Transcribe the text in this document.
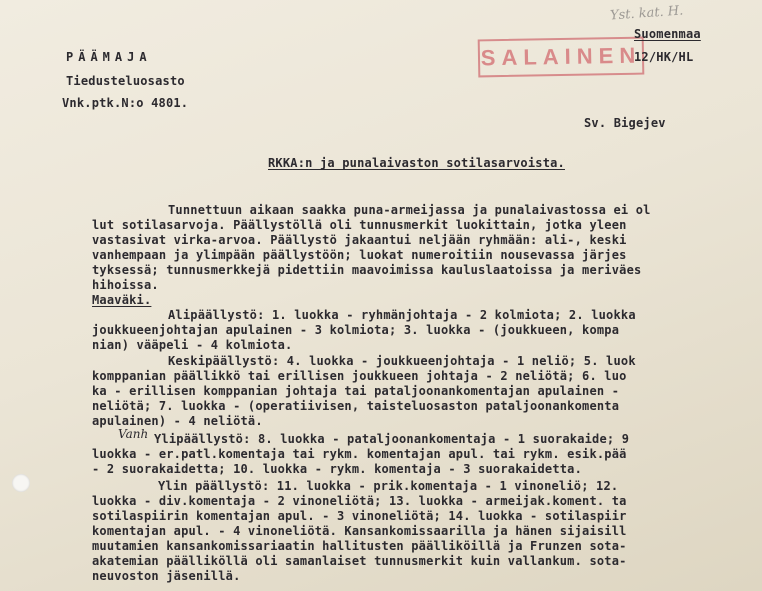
Yst. kat. H.
PÄÄMAJA
Tiedusteluosasto
Vnk.ptk.N:o 4801.
SALAINEN
Suomenmaa
12/HK/HL
Sv. Bigejev
RKKA:n ja punalaivaston sotilasarvoista.
Tunnettuun aikaan saakka puna-armeijassa ja punalaivastossa ei ol
lut sotilasarvoja. Päällystöllä oli tunnusmerkit luokittain, jotka yleen
vastasivat virka-arvoa. Päällystö jakaantui neljään ryhmään: ali-, keski
vanhempaan ja ylimpään päällystöön; luokat numeroitiin nousevassa järjes
tyksessä; tunnusmerkkejä pidettiin maavoimissa kauluslaatoissa ja meriväes
hihoissa.
Maaväki.
Alipäällystö: 1. luokka - ryhmänjohtaja - 2 kolmiota; 2. luokka
joukkueenjohtajan apulainen - 3 kolmiota; 3. luokka - (joukkueen, kompa
nian) vääpeli - 4 kolmiota.
Keskipäällystö: 4. luokka - joukkueenjohtaja - 1 neliö; 5. luok
komppanian päällikkö tai erillisen joukkueen johtaja - 2 neliötä; 6. luo
ka - erillisen komppanian johtaja tai pataljoonankomentajan apulainen -
neliötä; 7. luokka - (operatiivisen, taisteluosaston pataljoonankomenta
apulainen) - 4 neliötä.
Vanh Ylipäällystö: 8. luokka - pataljoonankomentaja - 1 suorakaide; 9
luokka - er.patl.komentaja tai rykm. komentajan apul. tai rykm. esik.pää
- 2 suorakaidetta; 10. luokka - rykm. komentaja - 3 suorakaidetta.
Ylin päällystö: 11. luokka - prik.komentaja - 1 vinoneliö; 12.
luokka - div.komentaja - 2 vinoneliötä; 13. luokka - armeijak.koment. ta
sotilaspiirin komentajan apul. - 3 vinoneliötä; 14. luokka - sotilaspiir
komentajan apul. - 4 vinoneliötä. Kansankomissaarilla ja hänen sijaisill
muutamien kansankomissariaatin hallitusten päälliköillä ja Frunzen sota-
akatemian päälliköllä oli samanlaiset tunnusmerkit kuin vallankum. sota-
neuvoston jäsenillä.
